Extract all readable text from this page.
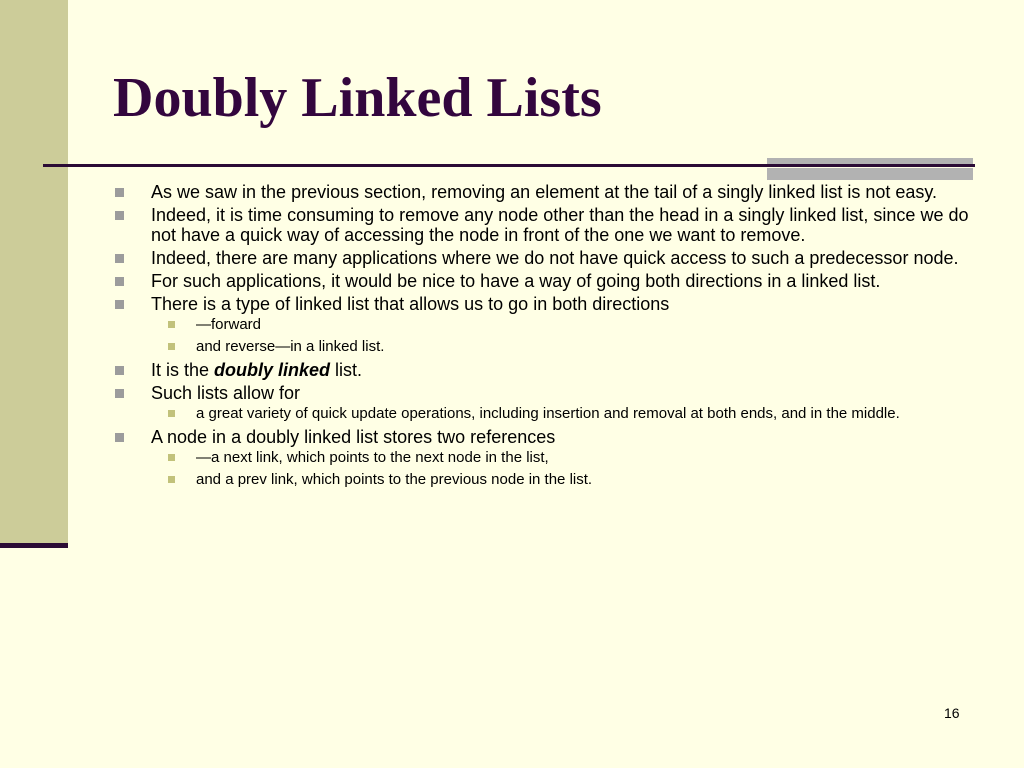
Doubly Linked Lists
As we saw in the previous section, removing an element at the tail of a singly linked list is not easy.
Indeed, it is time consuming to remove any node other than the head in a singly linked list, since we do not have a quick way of accessing the node in front of the one we want to remove.
Indeed, there are many applications where we do not have quick access to such a predecessor node.
For such applications, it would be nice to have a way of going both directions in a linked list.
There is a type of linked list that allows us to go in both directions
—forward
and reverse—in a linked list.
It is the doubly linked list.
Such lists allow for
a great variety of quick update operations, including insertion and removal at both ends, and in the middle.
A node in a doubly linked list stores two references
—a next link, which points to the next node in the list,
and a prev link, which points to the previous node in the list.
16
